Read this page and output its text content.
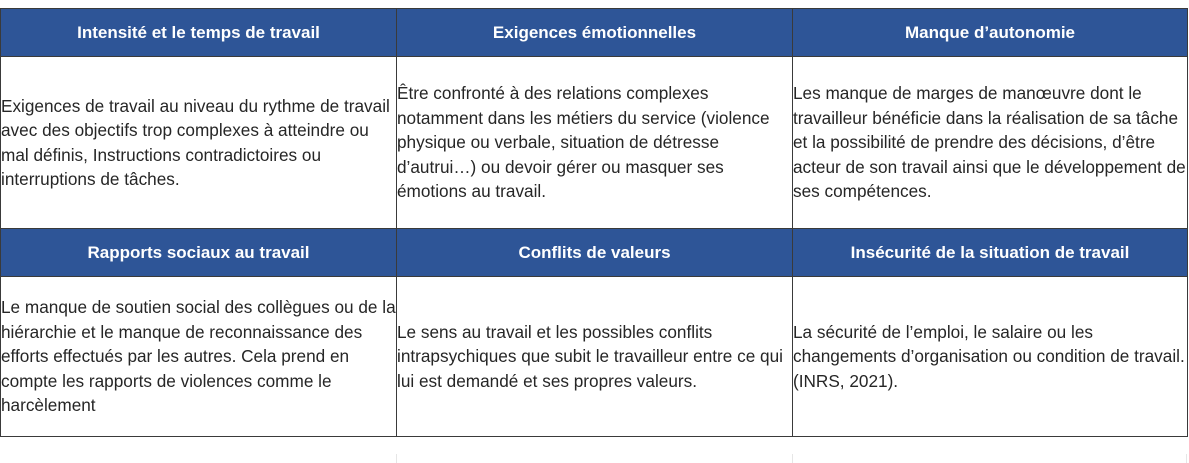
Intensité et le temps de travail	Exigences émotionnelles	Manque d’autonomie
Exigences de travail au niveau du rythme de travail avec des objectifs trop complexes à atteindre ou mal définis, Instructions contradictoires ou interruptions de tâches.	Être confronté à des relations complexes notamment dans les métiers du service (violence physique ou verbale, situation de détresse d’autrui…) ou devoir gérer ou masquer ses émotions au travail.	Les manque de marges de manœuvre dont le travailleur bénéficie dans la réalisation de sa tâche et la possibilité de prendre des décisions, d’être acteur de son travail ainsi que le développement de ses compétences.
Rapports sociaux au travail	Conflits de valeurs	Insécurité de la situation de travail
Le manque de soutien social des collègues ou de la hiérarchie et le manque de reconnaissance des efforts effectués par les autres. Cela prend en compte les rapports de violences comme le harcèlement	Le sens au travail et les possibles conflits intrapsychiques que subit le travailleur entre ce qui lui est demandé et ses propres valeurs.	La sécurité de l’emploi, le salaire ou les changements d’organisation ou condition de travail. (INRS, 2021).
